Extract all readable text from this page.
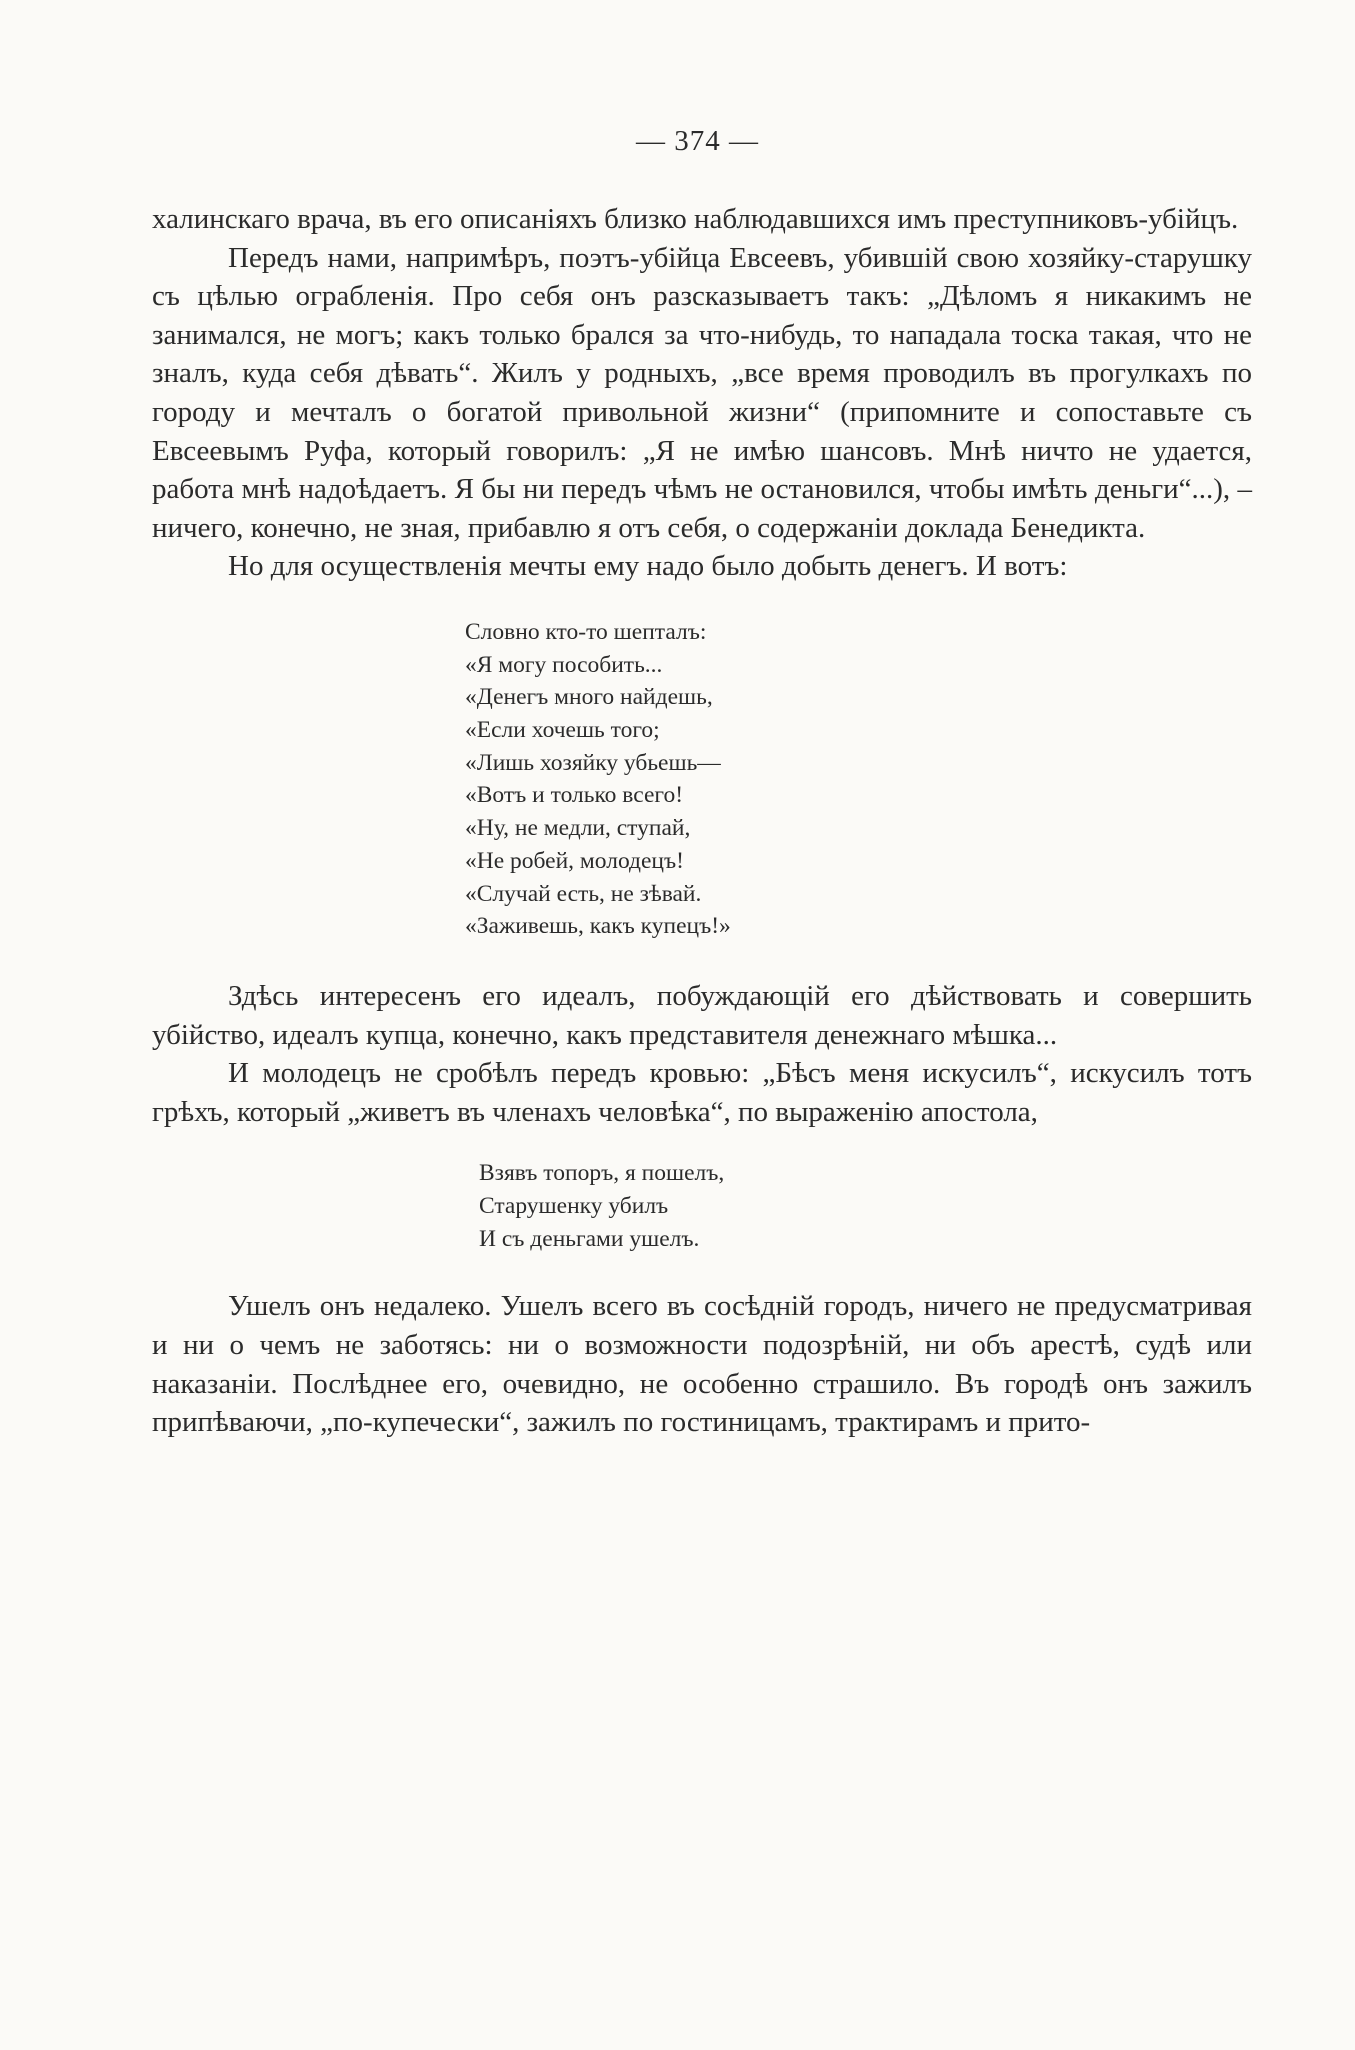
— 374 —

халинскаго врача, въ его описаніяхъ близко наблюдавшихся имъ преступниковъ-убійцъ.

Передъ нами, напримѣръ, поэтъ-убійца Евсеевъ, убившій свою хозяйку-старушку съ цѣлью ограбленія. Про себя онъ разсказываетъ такъ: „Дѣломъ я никакимъ не занимался, не могъ; какъ только брался за что-нибудь, то нападала тоска такая, что не зналъ, куда себя дѣвать“. Жилъ у родныхъ, „все время проводилъ въ прогулкахъ по городу и мечталъ о богатой привольной жизни“ (припомните и сопоставьте съ Евсеевымъ Руфа, который говорилъ: „Я не имѣю шансовъ. Мнѣ ничто не удается, работа мнѣ надоѣдаетъ. Я бы ни передъ чѣмъ не остановился, чтобы имѣть деньги“...), – ничего, конечно, не зная, прибавлю я отъ себя, о содержаніи доклада Бенедикта.

Но для осуществленія мечты ему надо было добыть денегъ. И вотъ:

Словно кто-то шепталъ:
«Я могу пособить...
«Денегъ много найдешь,
«Если хочешь того;
«Лишь хозяйку убьешь—
«Вотъ и только всего!
«Ну, не медли, ступай,
«Не робей, молодецъ!
«Случай есть, не зѣвай.
«Заживешь, какъ купецъ!»

Здѣсь интересенъ его идеалъ, побуждающій его дѣйствовать и совершить убійство, идеалъ купца, конечно, какъ представителя денежнаго мѣшка...

И молодецъ не сробѣлъ передъ кровью: „Бѣсъ меня искусилъ“, искусилъ тотъ грѣхъ, который „живетъ въ членахъ человѣка“, по выраженію апостола,

Взявъ топоръ, я пошелъ,
Старушенку убилъ
И съ деньгами ушелъ.

Ушелъ онъ недалеко. Ушелъ всего въ сосѣдній городъ, ничего не предусматривая и ни о чемъ не заботясь: ни о возможности подозрѣній, ни объ арестѣ, судѣ или наказаніи. Послѣднее его, очевидно, не особенно страшило. Въ городѣ онъ зажилъ припѣваючи, „по-купечески“, зажилъ по гостиницамъ, трактирамъ и прито-
